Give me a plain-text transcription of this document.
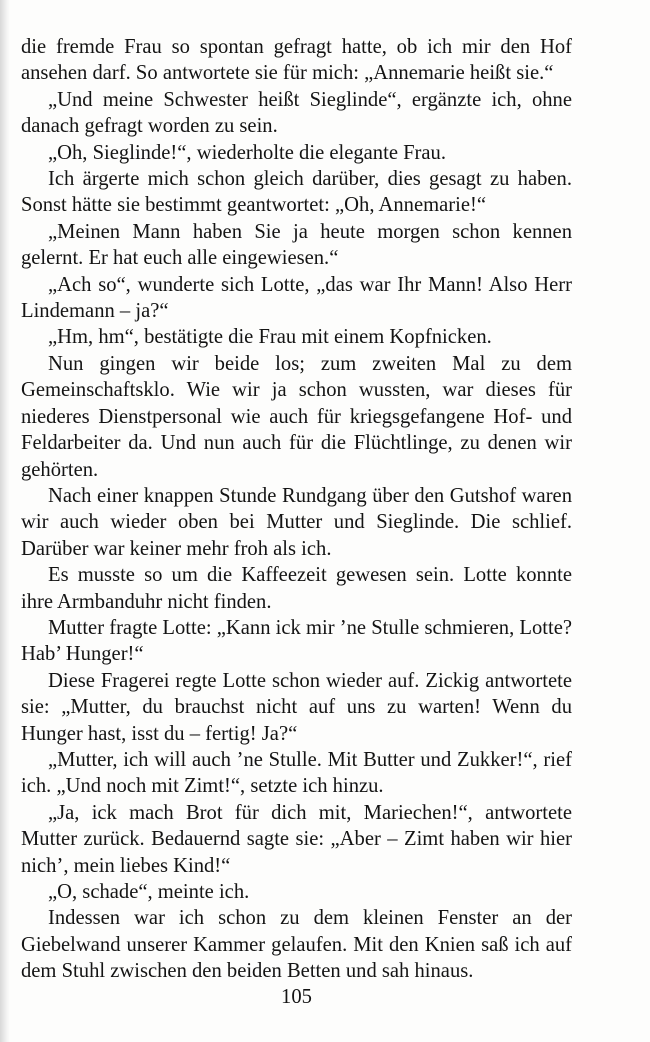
die fremde Frau so spontan gefragt hatte, ob ich mir den Hof ansehen darf. So antwortete sie für mich: „Annemarie heißt sie.“

„Und meine Schwester heißt Sieglinde“, ergänzte ich, ohne danach gefragt worden zu sein.

„Oh, Sieglinde!“, wiederholte die elegante Frau.

Ich ärgerte mich schon gleich darüber, dies gesagt zu haben. Sonst hätte sie bestimmt geantwortet: „Oh, Annemarie!“

„Meinen Mann haben Sie ja heute morgen schon kennen gelernt. Er hat euch alle eingewiesen.“

„Ach so“, wunderte sich Lotte, „das war Ihr Mann! Also Herr Lindemann – ja?“

„Hm, hm“, bestätigte die Frau mit einem Kopfnicken.

Nun gingen wir beide los; zum zweiten Mal zu dem Gemeinschaftsklo. Wie wir ja schon wussten, war dieses für niederes Dienstpersonal wie auch für kriegsgefangene Hof- und Feldarbeiter da. Und nun auch für die Flüchtlinge, zu denen wir gehörten.

Nach einer knappen Stunde Rundgang über den Gutshof waren wir auch wieder oben bei Mutter und Sieglinde. Die schlief. Darüber war keiner mehr froh als ich.

Es musste so um die Kaffeezeit gewesen sein. Lotte konnte ihre Armbanduhr nicht finden.

Mutter fragte Lotte: „Kann ick mir ’ne Stulle schmieren, Lotte? Hab’ Hunger!“

Diese Fragerei regte Lotte schon wieder auf. Zickig antwortete sie: „Mutter, du brauchst nicht auf uns zu warten! Wenn du Hunger hast, isst du – fertig! Ja?“

„Mutter, ich will auch ’ne Stulle. Mit Butter und Zukker!“, rief ich. „Und noch mit Zimt!“, setzte ich hinzu.

„Ja, ick mach Brot für dich mit, Mariechen!“, antwortete Mutter zurück. Bedauernd sagte sie: „Aber – Zimt haben wir hier nich’, mein liebes Kind!“

„O, schade“, meinte ich.

Indessen war ich schon zu dem kleinen Fenster an der Giebelwand unserer Kammer gelaufen. Mit den Knien saß ich auf dem Stuhl zwischen den beiden Betten und sah hinaus.

105
